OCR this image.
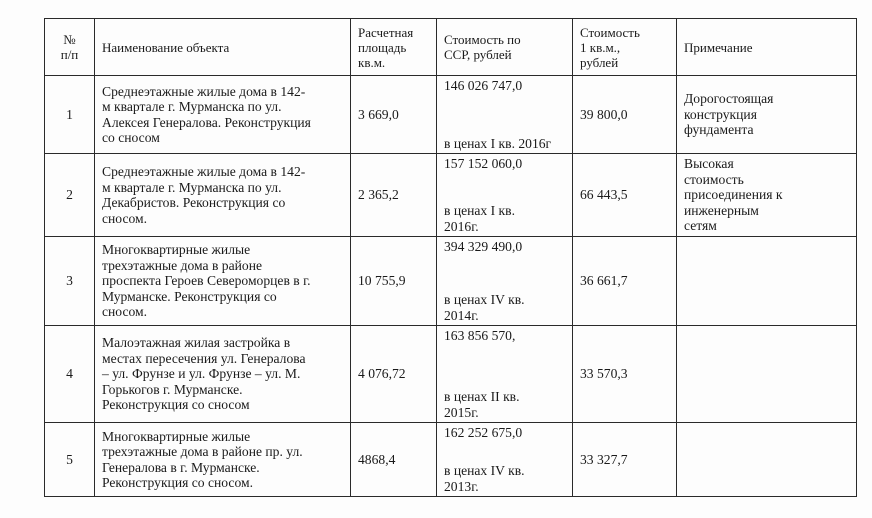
№
п/п	Наименование объекта	Расчетная
площадь
кв.м.	Стоимость по
ССР, рублей	Стоимость
1 кв.м.,
рублей	Примечание
1	Среднеэтажные жилые дома в 142-
м квартале г. Мурманска по ул.
Алексея Генералова. Реконструкция
со сносом	3 669,0	146 026 747,0
в ценах I кв. 2016г	39 800,0	Дорогостоящая
конструкция
фундамента
2	Среднеэтажные жилые дома в 142-
м квартале г. Мурманска по ул.
Декабристов. Реконструкция со
сносом.	2 365,2	157 152 060,0
в ценах I кв.
2016г.	66 443,5	Высокая
стоимость
присоединения к
инженерным
сетям
3	Многоквартирные жилые
трехэтажные дома в районе
проспекта Героев Североморцев в г.
Мурманске. Реконструкция со
сносом.	10 755,9	394 329 490,0
в ценах IV кв.
2014г.	36 661,7	
4	Малоэтажная жилая застройка в
местах пересечения ул. Генералова
– ул. Фрунзе и ул. Фрунзе – ул. М.
Горькогов г. Мурманске.
Реконструкция со сносом	4 076,72	163 856 570,
в ценах II кв.
2015г.	33 570,3	
5	Многоквартирные жилые
трехэтажные дома в районе пр. ул.
Генералова в г. Мурманске.
Реконструкция со сносом.	4868,4	162 252 675,0
в ценах IV кв.
2013г.	33 327,7	
